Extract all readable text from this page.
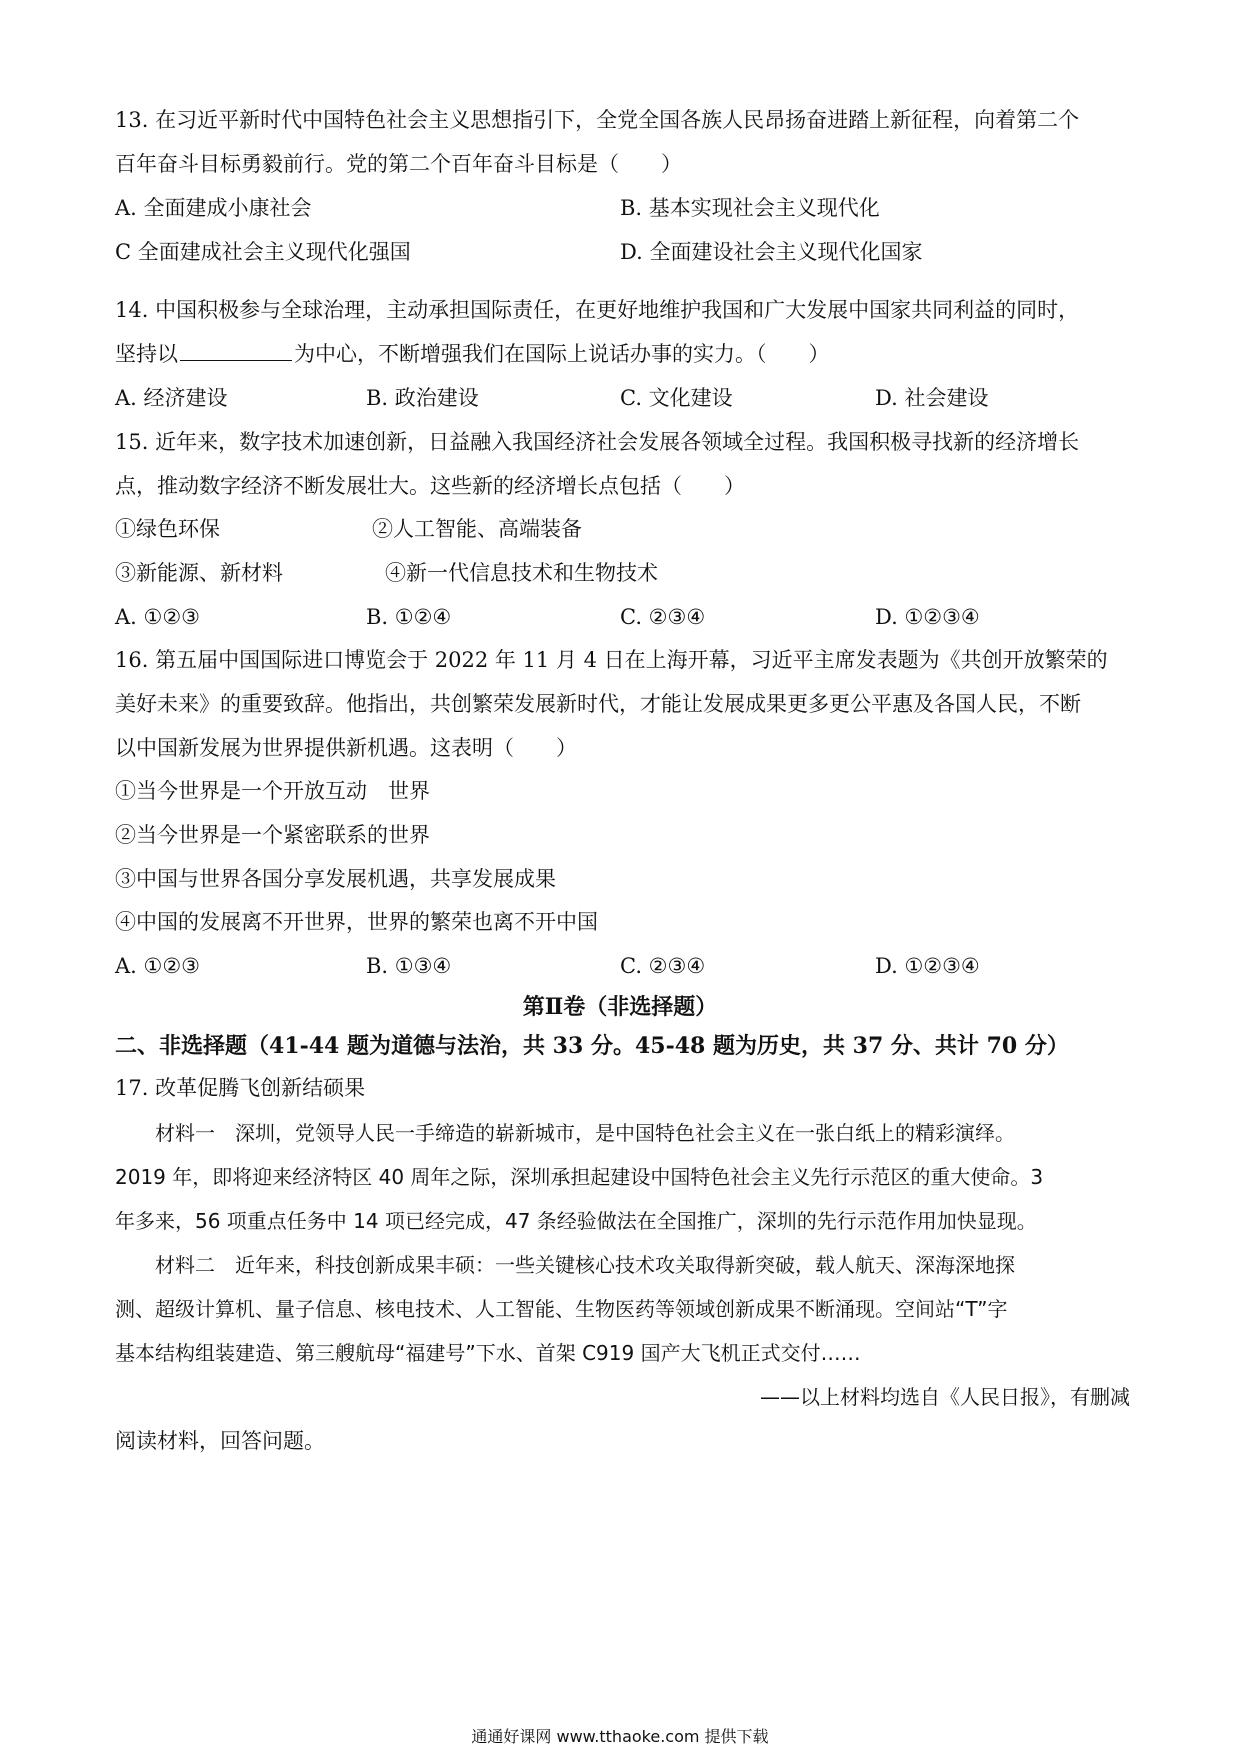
13. 在习近平新时代中国特色社会主义思想指引下，全党全国各族人民昂扬奋进踏上新征程，向着第二个
百年奋斗目标勇毅前行。党的第二个百年奋斗目标是（　　）
A. 全面建成小康社会	B. 基本实现社会主义现代化
C 全面建成社会主义现代化强国	D. 全面建设社会主义现代化国家
14. 中国积极参与全球治理，主动承担国际责任，在更好地维护我国和广大发展中国家共同利益的同时，
坚持以	为中心，不断增强我们在国际上说话办事的实力。（　　）
A. 经济建设	B. 政治建设	C. 文化建设	D. 社会建设
15. 近年来，数字技术加速创新，日益融入我国经济社会发展各领域全过程。我国积极寻找新的经济增长
点，推动数字经济不断发展壮大。这些新的经济增长点包括（　　）
①绿色环保	②人工智能、高端装备
③新能源、新材料	④新一代信息技术和生物技术
A. ①②③	B. ①②④	C. ②③④	D. ①②③④
16. 第五届中国国际进口博览会于 2022 年 11 月 4 日在上海开幕，习近平主席发表题为《共创开放繁荣的
美好未来》的重要致辞。他指出，共创繁荣发展新时代，才能让发展成果更多更公平惠及各国人民，不断
以中国新发展为世界提供新机遇。这表明（　　）
①当今世界是一个开放互动　世界
②当今世界是一个紧密联系的世界
③中国与世界各国分享发展机遇，共享发展成果
④中国的发展离不开世界，世界的繁荣也离不开中国
A. ①②③	B. ①③④	C. ②③④	D. ①②③④
第Ⅱ卷（非选择题）
二、非选择题（41-44 题为道德与法治，共 33 分。45-48 题为历史，共 37 分、共计 70 分）
17. 改革促腾飞创新结硕果
材料一　深圳，党领导人民一手缔造的崭新城市，是中国特色社会主义在一张白纸上的精彩演绎。
2019 年，即将迎来经济特区 40 周年之际，深圳承担起建设中国特色社会主义先行示范区的重大使命。3
年多来，56 项重点任务中 14 项已经完成，47 条经验做法在全国推广，深圳的先行示范作用加快显现。
材料二　近年来，科技创新成果丰硕：一些关键核心技术攻关取得新突破，载人航天、深海深地探
测、超级计算机、量子信息、核电技术、人工智能、生物医药等领域创新成果不断涌现。空间站“T”字
基本结构组装建造、第三艘航母“福建号”下水、首架 C919 国产大飞机正式交付……
——以上材料均选自《人民日报》，有删减
阅读材料，回答问题。
通通好课网 www.tthaoke.com 提供下载
